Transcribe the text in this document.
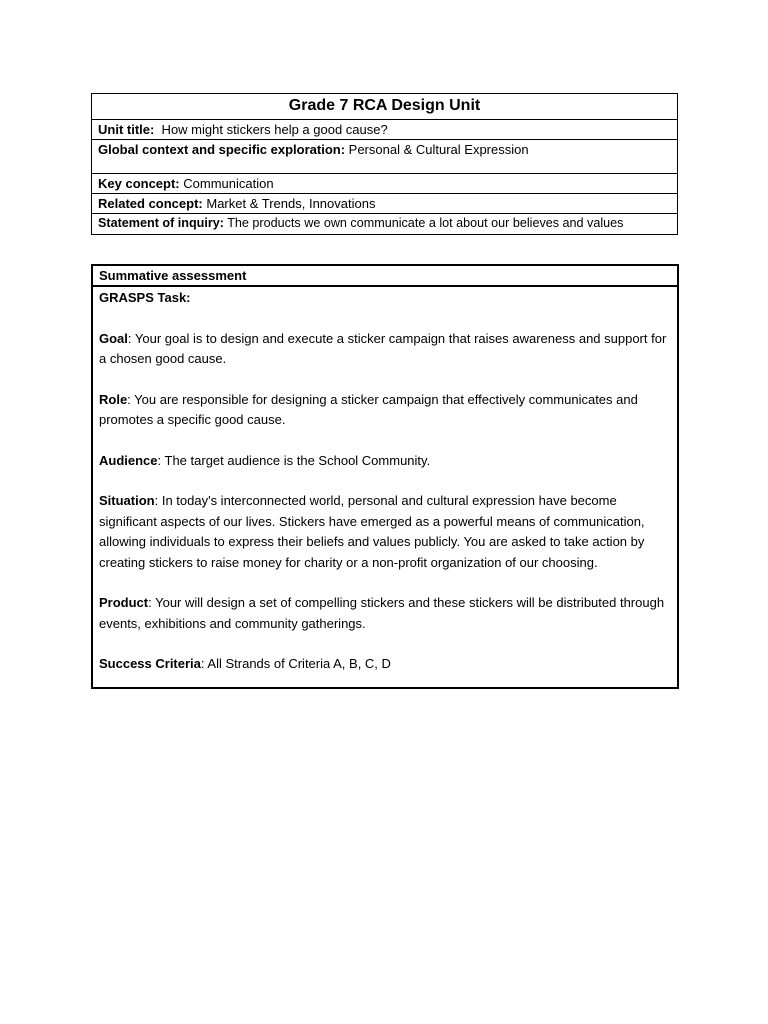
Grade 7 RCA Design Unit
Unit title:  How might stickers help a good cause?
Global context and specific exploration: Personal & Cultural Expression
Key concept: Communication
Related concept: Market & Trends, Innovations
Statement of inquiry: The products we own communicate a lot about our believes and values
Summative assessment
GRASPS Task:

Goal: Your goal is to design and execute a sticker campaign that raises awareness and support for a chosen good cause.

Role: You are responsible for designing a sticker campaign that effectively communicates and promotes a specific good cause.

Audience: The target audience is the School Community.

Situation: In today's interconnected world, personal and cultural expression have become significant aspects of our lives. Stickers have emerged as a powerful means of communication, allowing individuals to express their beliefs and values publicly. You are asked to take action by creating stickers to raise money for charity or a non-profit organization of our choosing.

Product: Your will design a set of compelling stickers and these stickers will be distributed through events, exhibitions and community gatherings.

Success Criteria: All Strands of Criteria A, B, C, D
